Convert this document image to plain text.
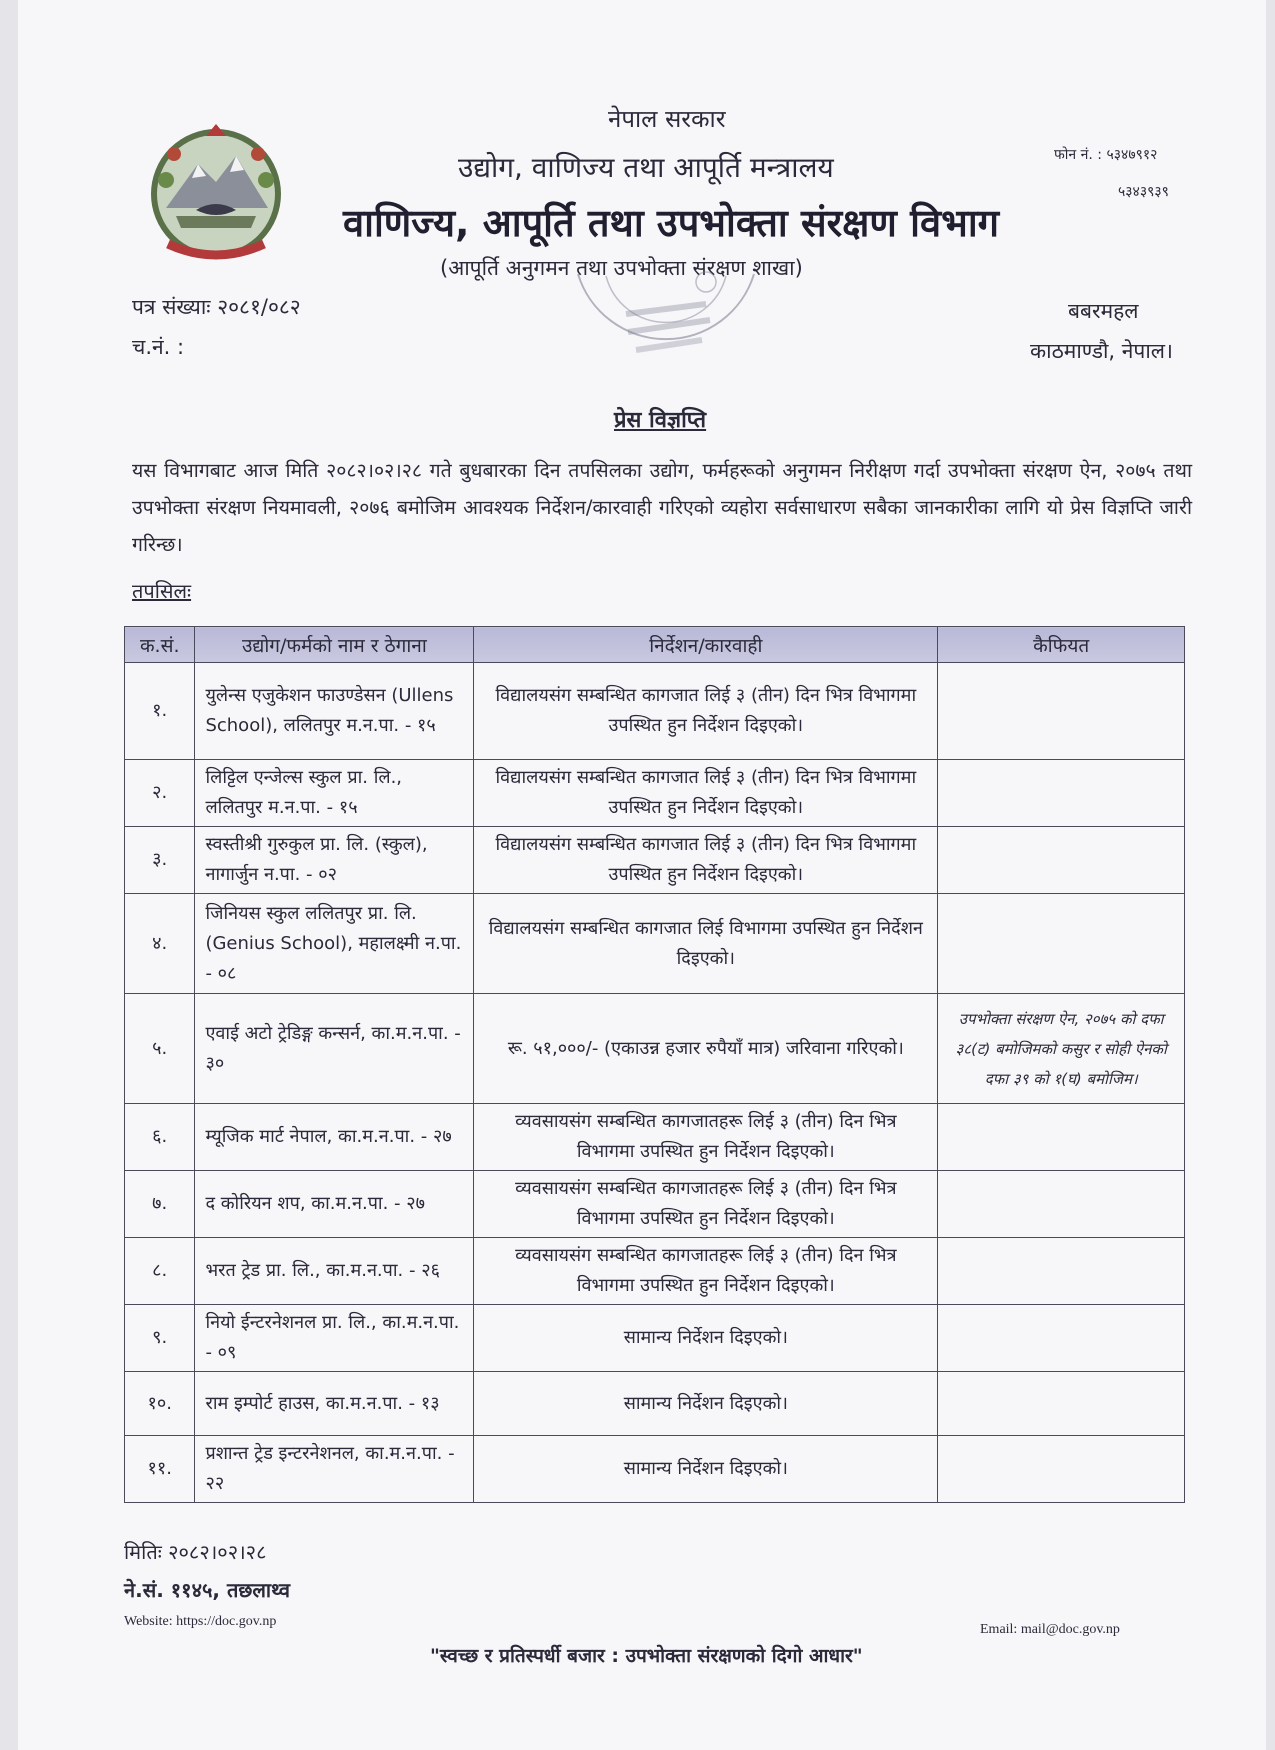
नेपाल सरकार
उद्योग, वाणिज्य तथा आपूर्ति मन्त्रालय
वाणिज्य, आपूर्ति तथा उपभोक्ता संरक्षण विभाग
(आपूर्ति अनुगमन तथा उपभोक्ता संरक्षण शाखा)
फोन नं. : ५३४७९१२
५३४३९३९
पत्र संख्याः २०८१/०८२
च.नं. :
बबरमहल
काठमाण्डौ, नेपाल।
प्रेस विज्ञप्ति
यस विभागबाट आज मिति २०८२।०२।२८ गते बुधबारका दिन तपसिलका उद्योग, फर्महरूको अनुगमन निरीक्षण गर्दा उपभोक्ता संरक्षण ऐन, २०७५ तथा उपभोक्ता संरक्षण नियमावली, २०७६ बमोजिम आवश्यक निर्देशन/कारवाही गरिएको व्यहोरा सर्वसाधारण सबैका जानकारीका लागि यो प्रेस विज्ञप्ति जारी गरिन्छ।
तपसिलः
क.सं.	उद्योग/फर्मको नाम र ठेगाना	निर्देशन/कारवाही	कैफियत
१.	युलेन्स एजुकेशन फाउण्डेसन (Ullens School), ललितपुर म.न.पा. - १५	विद्यालयसंग सम्बन्धित कागजात लिई ३ (तीन) दिन भित्र विभागमा उपस्थित हुन निर्देशन दिइएको।	
२.	लिट्टिल एन्जेल्स स्कुल प्रा. लि., ललितपुर म.न.पा. - १५	विद्यालयसंग सम्बन्धित कागजात लिई ३ (तीन) दिन भित्र विभागमा उपस्थित हुन निर्देशन दिइएको।	
३.	स्वस्तीश्री गुरुकुल प्रा. लि. (स्कुल), नागार्जुन न.पा. - ०२	विद्यालयसंग सम्बन्धित कागजात लिई ३ (तीन) दिन भित्र विभागमा उपस्थित हुन निर्देशन दिइएको।	
४.	जिनियस स्कुल ललितपुर प्रा. लि. (Genius School), महालक्ष्मी न.पा. - ०८	विद्यालयसंग सम्बन्धित कागजात लिई विभागमा उपस्थित हुन निर्देशन दिइएको।	
५.	एवाई अटो ट्रेडिङ्ग कन्सर्न, का.म.न.पा. - ३०	रू. ५१,०००/- (एकाउन्न हजार रुपैयाँ मात्र) जरिवाना गरिएको।	उपभोक्ता संरक्षण ऐन, २०७५ को दफा ३८(ट) बमोजिमको कसुर र सोही ऐनको दफा ३९ को १(घ) बमोजिम।
६.	म्यूजिक मार्ट नेपाल, का.म.न.पा. - २७	व्यवसायसंग सम्बन्धित कागजातहरू लिई ३ (तीन) दिन भित्र विभागमा उपस्थित हुन निर्देशन दिइएको।	
७.	द कोरियन शप, का.म.न.पा. - २७	व्यवसायसंग सम्बन्धित कागजातहरू लिई ३ (तीन) दिन भित्र विभागमा उपस्थित हुन निर्देशन दिइएको।	
८.	भरत ट्रेड प्रा. लि., का.म.न.पा. - २६	व्यवसायसंग सम्बन्धित कागजातहरू लिई ३ (तीन) दिन भित्र विभागमा उपस्थित हुन निर्देशन दिइएको।	
९.	नियो ईन्टरनेशनल प्रा. लि., का.म.न.पा. - ०९	सामान्य निर्देशन दिइएको।	
१०.	राम इम्पोर्ट हाउस, का.म.न.पा. - १३	सामान्य निर्देशन दिइएको।	
११.	प्रशान्त ट्रेड इन्टरनेशनल, का.म.न.पा. - २२	सामान्य निर्देशन दिइएको।	
मितिः २०८२।०२।२८
ने.सं. ११४५, तछलाथ्व
Website: https://doc.gov.np
Email: mail@doc.gov.np
"स्वच्छ र प्रतिस्पर्धी बजार : उपभोक्ता संरक्षणको दिगो आधार"
